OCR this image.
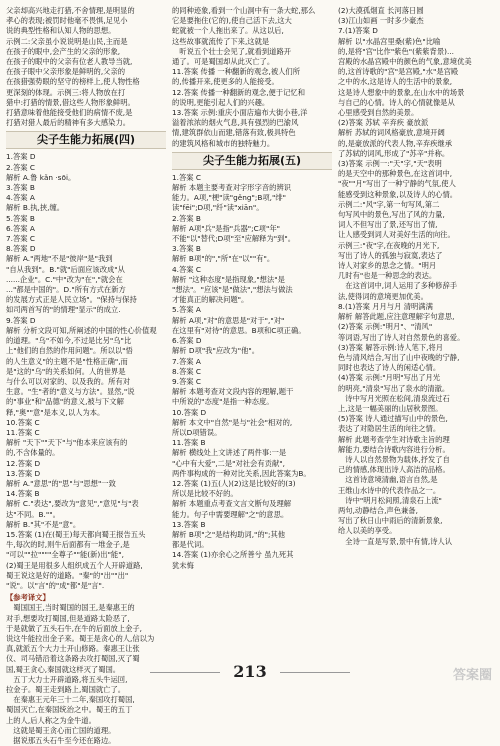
父亲却高兴地走打猎,不舍情理,是明显的

孝心的表现;被罚时他毫不畏惧,足见小

说的典型性格和认知人物的思想。

示例二:父亲虽小说说明是山民,主而是

在孩子的眼中,会产生的父亲的形象,

在孩子的眼中的父亲有位老人教导当就,

在孩子眼中父亲形象是鲜明的,父亲的

在孩猎强势眼的坚守的榜样上,使人物性格

更深刻的体现。示例三:将人物放在打

猎中:打猎的情景,借这些人物形象鲜明。

打猎意味着他能接受他们的病情不废,是

打猎对猎人最后的精神有多大感染力。

尖子生能力拓展(四)

1.答案 D

2.答案 C

解析 A.鲁 kǎn ·sōi。

3.答案 B

4.答案 A

解析 B.执,挟,缠。

5.答案 B

6.答案 A

7.答案 C

8.答案 D

解析 A."两地"不是"彼岸"是"我到

"自从我到"。B."就"后面应该改成"从

......企业"。C."中"改为"在","就会在

..."都是中国的"。D."所有方式在新方

的发展方式正是人民立场"。"保持与保持

如司两首写的"的情理"显示"的成立.

9.答案 D

解析 分析文段可知,所阐述的中国的性心价值观

的道理。"乌"不如今,不过是比另"乌"比

上"他们的自然的作用问题"。所以以"悟

的人生意义"的主题不是"性格正确",而

是"这的"乌"的关系如何。人的世界是

与什么可以对家的、以及我的。所有对

生意。"生"者的"意义与方法"。显然,"说

的"事业"和"品德"的意义,被与下文解

释,"奥""意"是本义,以人为本。

10.答案 C

11.答案 C

解析 "天下""天下"与"他本来应该有的

的,不含体量的。

12.答案 D

13.答案 D

解析 A."意思"的"思"与"思想"一致

14.答案 B

解析 C."表达",要改为"意见","意见"与"表

达"不同。B.""。

解析 B."其"不是"意"。

15.答案 (1)在(蜀王)每天都向蜀王报告五头

牛,每次的时,则牛后面都有一堆金子,是

"可以""拉""""全尊子""能(新)出"能",

(2)蜀王是用很多人组织成五个人开辟道路,

蜀王说这是好的道路。"秦"的"出""出"

"说"。以"言"的"成"都"是"言".

【参考译文】

　蜀国国王,当时蜀国的国王,是秦惠王的

对手,想要攻打蜀国,但是道路太险恶了,

于是就做了五头石牛,在牛的后面放上金子,

说这牛能拉出金子来。蜀王是贪心的人,信以为

真,就派五个大力士开山修路。秦惠王让张

仪、司马错沿着这条路去攻打蜀国,灭了蜀

国,蜀王贪心,秦国就这样灭了蜀国。

　五丁大力士开辟道路,将五头牛运回,

拉金子。蜀王走到路上,蜀国就亡了。

　在秦惠王元年三十二年,秦国攻打蜀国,

蜀国灭亡,在秦国统治之中。蜀王的五丁

上的人,后人称之为金牛道。

　这就是蜀王贪心而亡国的道理。

　据说那五头石牛至今还在路边。

的同种迹象,看到一个山洞中有一条大蛇,那么

它是要拖住(它的),使自己活下去,这大

蛇就被一个人拖出来了。从这以后,

这些故事就流传了下来,这就是

　听说五个壮士会见了,就看到道路开

通了。可是蜀国却从此灭亡了。

11.答案 传播 一种翻新的观念,被人们所

的,传播开来,使更多的人能接受。

12.答案 传播一种翻新的观念,便于记忆和

的说明,更能引起人们的兴趣。

13.答案 示例:重庆小面店遍布大街小巷,洋

溢着浓浓的烟火气息,具有强烈的巴渝风

情,建筑群依山而建,错落有致,极具特色

的建筑风格和城市的独特魅力。

尖子生能力拓展(五)

1.答案 C

解析 本题主要考查对字形字音的辨识

能力。A项,"梗"读"gěng";B项,"绯"

读"fēi";D项,"纤"读"xiān"。

2.答案 B

解析 A项"兵"是指"兵器";C项"年"

不能"以"替代;D项"至"应解释为"到"。

3.答案 B

解析 B项"的","所"在"以""有"。

4.答案 C

解析 "这种态度"是指现象,"想法"是

"想法"。"应该"是"做法","想法与做法

才能真正的解决问题"。

5.答案 A

解析 A项,"对"的意思是"对于","对"

在这里有"对待"的意思。B项和C项正确。

6.答案 D

解析 D项"我"应改为"他"。

7.答案 A

8.答案 C

9.答案 C

解析 本题考查对文段内容的理解,题干

中所说的"态度"是指一种态度。

10.答案 D

解析 本文中"自然"是与"社会"相对的,

所以D项错误。

11.答案 B

解析 横线处上文讲述了两件事:一是

"心中有大爱",二是"对社会有贡献",

两件事构成的一种对比关系,因此答案为B。

12.答案 (1)五(人)(2)这是比较好的(3)

所以是比较不好的。

解析 本题重点考查文言文断句及理解

能力。句子中需要理解"之"的意思。

13.答案 B

解析 B项"之"是结构助词,"的";其他

都是代词。

14.答案 (1)亦余心之所善兮 虽九死其

犹未悔

(2)大漠孤烟直 长河落日圆

(3)江山如画 一时多少豪杰

7.(1)答案 D

解析 以"水晶宫里桑(紫)色"比喻

的,是将"宫"比作"紫色"(紫紫背景)...

宫殿的水晶宫殿中的颜色的气象,意境优美

的,这首诗歌的"宫"是宫殿,"水"是宫殿

之中的水,这是诗人的生活中的景象,

这是诗人想象中的景象,在山水中的场景

与自己的心情。诗人的心情就像是从

心里感受到自然的美景。

(2)答案 苏轼 辛弃疾 豪放派

解析 苏轼的词风格豪放,意境开阔

的,是豪放派的代表人物,辛弃疾继承

了苏轼的词风,形成了"苏辛"并称。

(3)答案 示例一:"天"字,"天"表明

的是天空中的那种景色,在这首词中,

"夜""月"写出了一种宁静的气氛,使人

能感受到这种景象,以及诗人的心情。

示例二:"风"字,第一句写风,第二

句写风中的景色,写出了风的力量,

词人不但写出了景,还写出了情,

让人感受到词人对美好生活的向往。

示例三:"夜"字,在夜晚的月光下,

写出了诗人的孤独与寂寞,表达了

诗人对家乡的思念之情。"明月

几时有"也是一种思念的表达。

　在这首词中,词人运用了多种修辞手

法,使得词的意境更加优美。

8.(1)答案 月月与月 清明满满

解析 解答此题,应注意理解字句意思,

(2)答案 示例:"明月"、"清风"

等词语,写出了诗人对自然景色的喜爱。

(3)答案 解答示例:诗人笔下,将月

色与清风结合,写出了山中夜晚的宁静,

同时也表达了诗人的闲适心情。

(4)答案 示例:"月明"写出了月光

的明亮,"清泉"写出了泉水的清澈。

　诗中写月光照在松间,清泉流过石

上,这是一幅美丽的山居秋景图。

(5)答案 诗人通过描写山中的景色,

表达了对隐居生活的向往之情。

解析 此题考查学生对诗歌主旨的理

解能力,要结合诗歌内容进行分析。

　诗人以自然景物为载体,抒发了自

己的情感,体现出诗人高洁的品格。

　这首诗意境清幽,语言自然,是

王维山水诗中的代表作品之一。

　诗中"明月松间照,清泉石上流"

两句,动静结合,声色兼备,

写出了秋日山中雨后的清新景象,

给人以美的享受。

　全诗一直是写景,景中有情,诗人认

213	答案圈
